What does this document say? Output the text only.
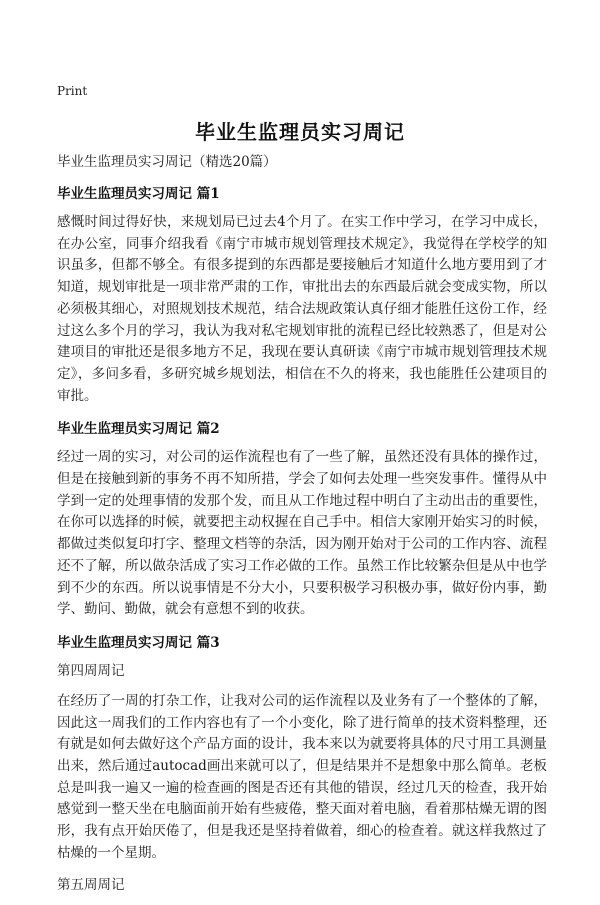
Print
毕业生监理员实习周记
毕业生监理员实习周记（精选20篇）
毕业生监理员实习周记 篇1
感慨时间过得好快，来规划局已过去4个月了。在实工作中学习，在学习中成长，在办公室，同事介绍我看《南宁市城市规划管理技术规定》，我觉得在学校学的知识虽多，但都不够全。有很多提到的东西都是要接触后才知道什么地方要用到了才知道，规划审批是一项非常严肃的工作，审批出去的东西最后就会变成实物，所以必须极其细心，对照规划技术规范，结合法规政策认真仔细才能胜任这份工作，经过这么多个月的学习，我认为我对私宅规划审批的流程已经比较熟悉了，但是对公建项目的审批还是很多地方不足，我现在要认真研读《南宁市城市规划管理技术规定》，多问多看，多研究城乡规划法，相信在不久的将来，我也能胜任公建项目的审批。
毕业生监理员实习周记 篇2
经过一周的实习，对公司的运作流程也有了一些了解，虽然还没有具体的操作过，但是在接触到新的事务不再不知所措，学会了如何去处理一些突发事件。懂得从中学到一定的处理事情的发那个发，而且从工作地过程中明白了主动出击的重要性，在你可以选择的时候，就要把主动权握在自己手中。相信大家刚开始实习的时候，都做过类似复印打字、整理文档等的杂活，因为刚开始对于公司的工作内容、流程还不了解，所以做杂活成了实习工作必做的工作。虽然工作比较繁杂但是从中也学到不少的东西。所以说事情是不分大小，只要积极学习积极办事，做好份内事，勤学、勤问、勤做，就会有意想不到的收获。
毕业生监理员实习周记 篇3
第四周周记
在经历了一周的打杂工作，让我对公司的运作流程以及业务有了一个整体的了解，因此这一周我们的工作内容也有了一个小变化，除了进行简单的技术资料整理，还有就是如何去做好这个产品方面的设计，我本来以为就要将具体的尺寸用工具测量出来，然后通过autocad画出来就可以了，但是结果并不是想象中那么简单。老板总是叫我一遍又一遍的检查画的图是否还有其他的错误，经过几天的检查，我开始感觉到一整天坐在电脑面前开始有些疲倦，整天面对着电脑，看着那枯燥无谓的图形，我有点开始厌倦了，但是我还是坚持着做着，细心的检查着。就这样我熬过了枯燥的一个星期。
第五周周记
